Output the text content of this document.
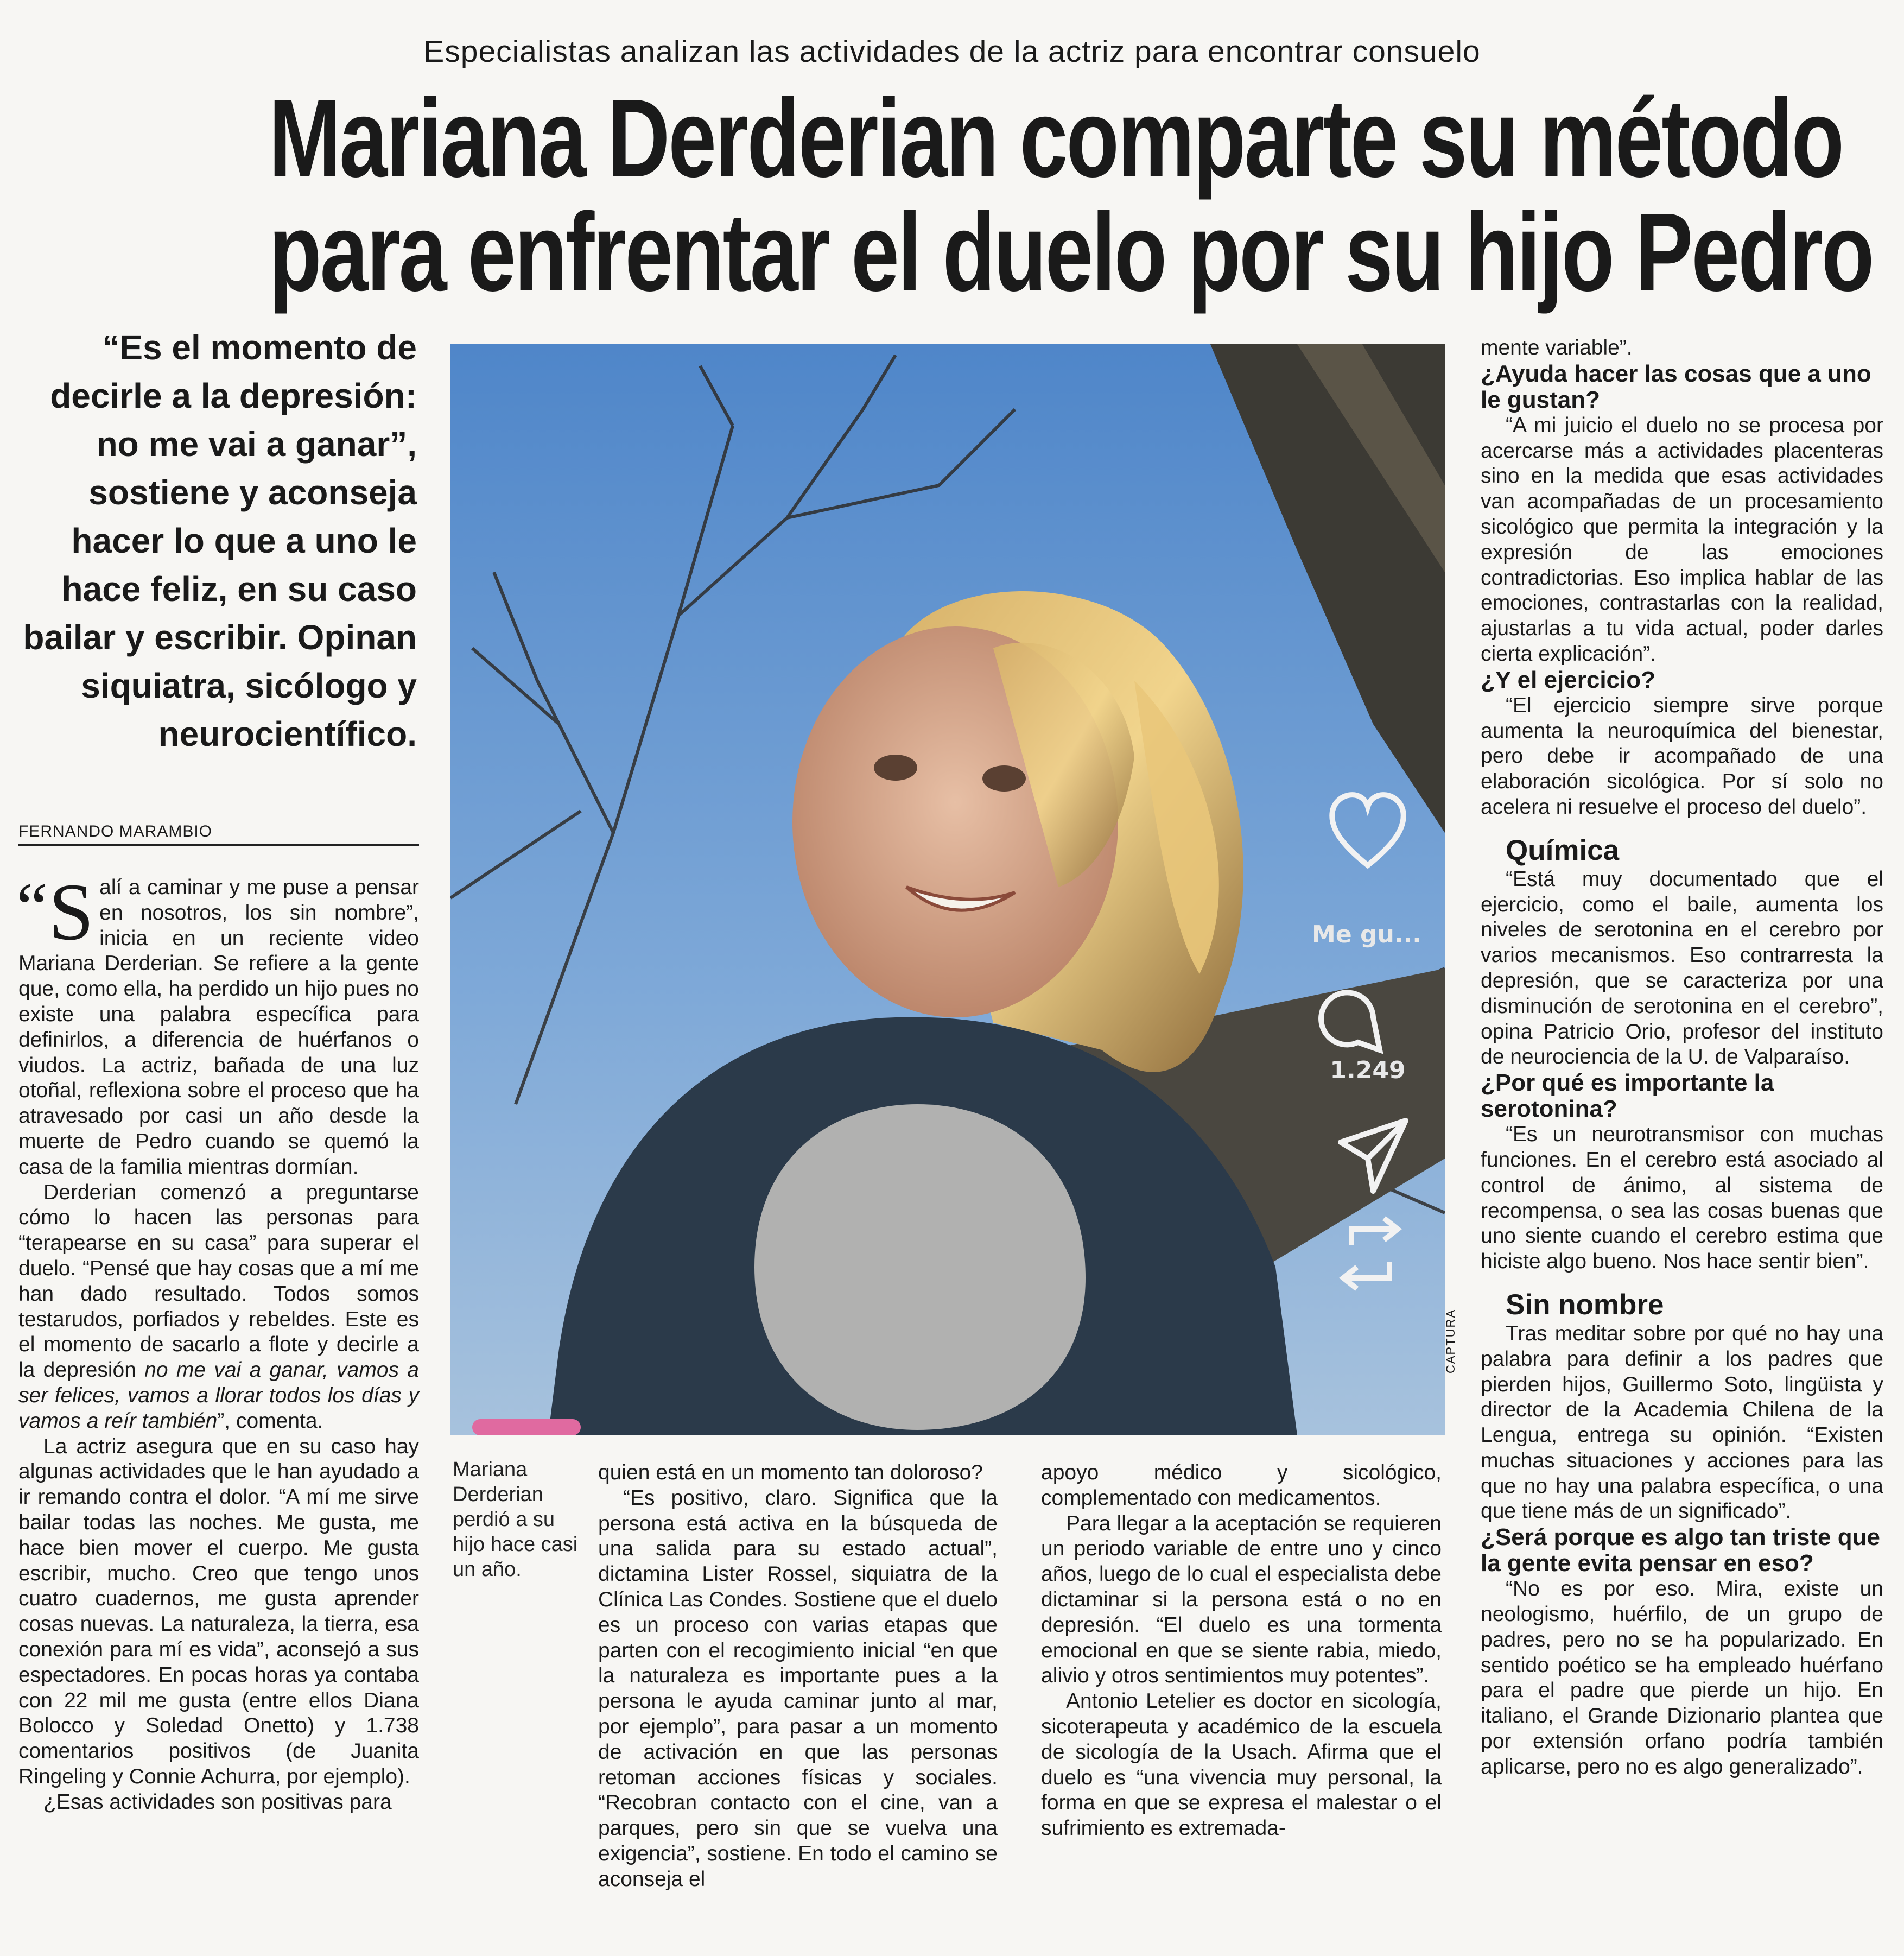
Especialistas analizan las actividades de la actriz para encontrar consuelo
Mariana Derderian comparte su método
para enfrentar el duelo por su hijo Pedro

“Es el momento de decirle a la depresión: no me vai a ganar”, sostiene y aconseja hacer lo que a uno le hace feliz, en su caso bailar y escribir. Opinan siquiatra, sicólogo y neurocientífico.

FERNANDO MARAMBIO

“ S alí a caminar y me puse a pensar en nosotros, los sin nombre”, inicia en un reciente video Mariana Derderian. Se refiere a la gente que, como ella, ha perdido un hijo pues no existe una palabra específica para definirlos, a diferencia de huérfanos o viudos. La actriz, bañada de una luz otoñal, reflexiona sobre el proceso que ha atravesado por casi un año desde la muerte de Pedro cuando se quemó la casa de la familia mientras dormían.

Derderian comenzó a preguntarse cómo lo hacen las personas para “terapearse en su casa” para superar el duelo. “Pensé que hay cosas que a mí me han dado resultado. Todos somos testarudos, porfiados y rebeldes. Este es el momento de sacarlo a flote y decirle a la depresión no me vai a ganar, vamos a ser felices, vamos a llorar todos los días y vamos a reír también”, comenta.

La actriz asegura que en su caso hay algunas actividades que le han ayudado a ir remando contra el dolor. “A mí me sirve bailar todas las noches. Me gusta, me hace bien mover el cuerpo. Me gusta escribir, mucho. Creo que tengo unos cuatro cuadernos, me gusta aprender cosas nuevas. La naturaleza, la tierra, esa conexión para mí es vida”, aconsejó a sus espectadores. En pocas horas ya contaba con 22 mil me gusta (entre ellos Diana Bolocco y Soledad Onetto) y 1.738 comentarios positivos (de Juanita Ringeling y Connie Achurra, por ejemplo).

¿Esas actividades son positivas para

Me gu...
1.249
CAPTURA
Mariana Derderian perdió a su hijo hace casi un año.

quien está en un momento tan doloroso?

“Es positivo, claro. Significa que la persona está activa en la búsqueda de una salida para su estado actual”, dictamina Lister Rossel, siquiatra de la Clínica Las Condes. Sostiene que el duelo es un proceso con varias etapas que parten con el recogimiento inicial “en que la naturaleza es importante pues a la persona le ayuda caminar junto al mar, por ejemplo”, para pasar a un momento de activación en que las personas retoman acciones físicas y sociales. “Recobran contacto con el cine, van a parques, pero sin que se vuelva una exigencia”, sostiene. En todo el camino se aconseja el

apoyo médico y sicológico, complementado con medicamentos.

Para llegar a la aceptación se requieren un periodo variable de entre uno y cinco años, luego de lo cual el especialista debe dictaminar si la persona está o no en depresión. “El duelo es una tormenta emocional en que se siente rabia, miedo, alivio y otros sentimientos muy potentes”.

Antonio Letelier es doctor en sicología, sicoterapeuta y académico de la escuela de sicología de la Usach. Afirma que el duelo es “una vivencia muy personal, la forma en que se expresa el malestar o el sufrimiento es extremada-

mente variable”.

¿Ayuda hacer las cosas que a uno le gustan?

“A mi juicio el duelo no se procesa por acercarse más a actividades placenteras sino en la medida que esas actividades van acompañadas de un procesamiento sicológico que permita la integración y la expresión de las emociones contradictorias. Eso implica hablar de las emociones, contrastarlas con la realidad, ajustarlas a tu vida actual, poder darles cierta explicación”.

¿Y el ejercicio?

“El ejercicio siempre sirve porque aumenta la neuroquímica del bienestar, pero debe ir acompañado de una elaboración sicológica. Por sí solo no acelera ni resuelve el proceso del duelo”.

Química

“Está muy documentado que el ejercicio, como el baile, aumenta los niveles de serotonina en el cerebro por varios mecanismos. Eso contrarresta la depresión, que se caracteriza por una disminución de serotonina en el cerebro”, opina Patricio Orio, profesor del instituto de neurociencia de la U. de Valparaíso.

¿Por qué es importante la serotonina?

“Es un neurotransmisor con muchas funciones. En el cerebro está asociado al control de ánimo, al sistema de recompensa, o sea las cosas buenas que uno siente cuando el cerebro estima que hiciste algo bueno. Nos hace sentir bien”.

Sin nombre

Tras meditar sobre por qué no hay una palabra para definir a los padres que pierden hijos, Guillermo Soto, lingüista y director de la Academia Chilena de la Lengua, entrega su opinión. “Existen muchas situaciones y acciones para las que no hay una palabra específica, o una que tiene más de un significado”.

¿Será porque es algo tan triste que la gente evita pensar en eso?

“No es por eso. Mira, existe un neologismo, huérfilo, de un grupo de padres, pero no se ha popularizado. En sentido poético se ha empleado huérfano para el padre que pierde un hijo. En italiano, el Grande Dizionario plantea que por extensión orfano podría también aplicarse, pero no es algo generalizado”.
